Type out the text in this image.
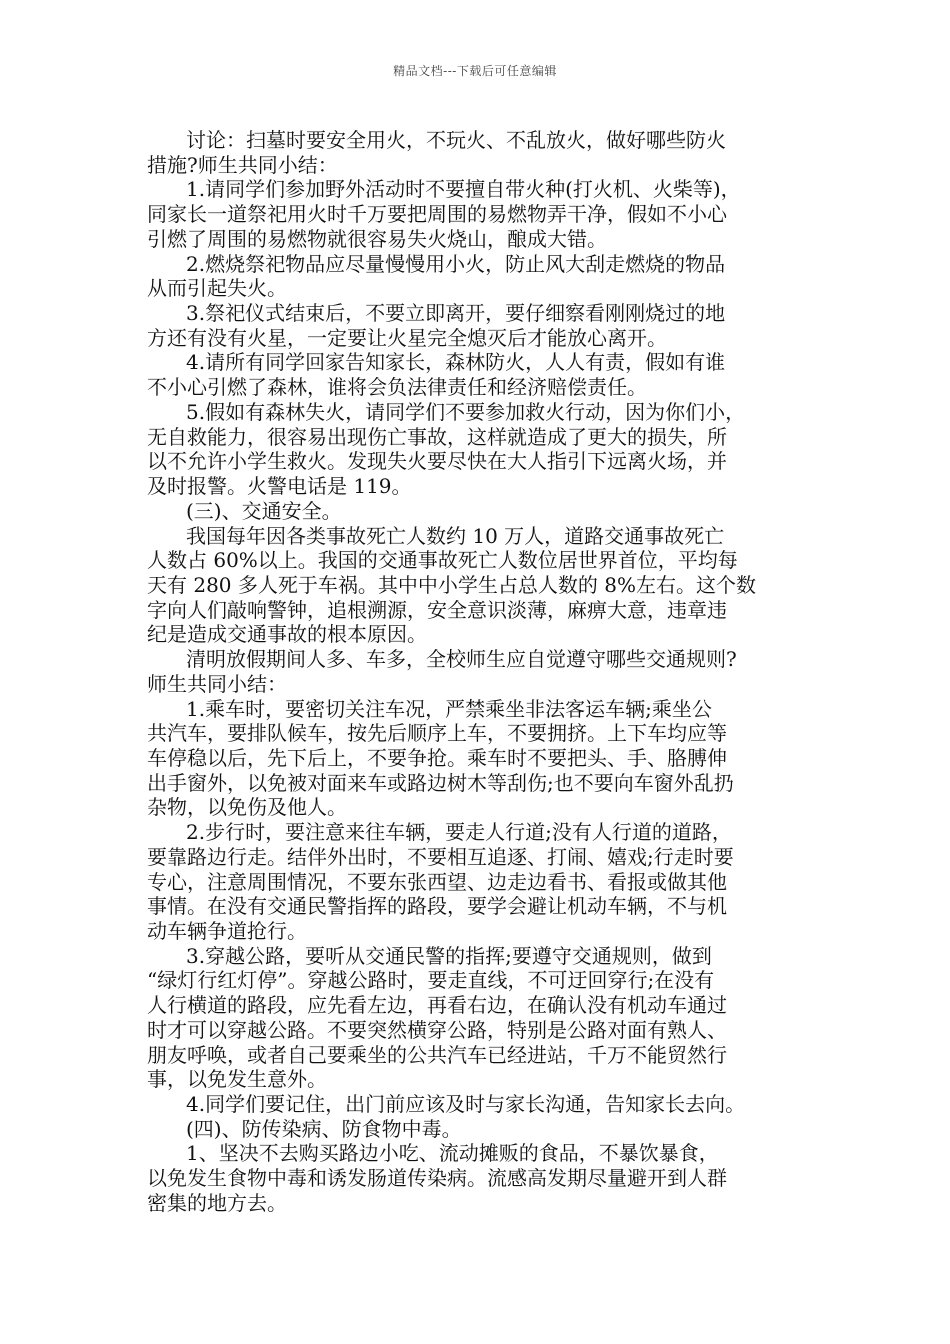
精品文档---下载后可任意编辑
讨论：扫墓时要安全用火，不玩火、不乱放火，做好哪些防火
措施?师生共同小结：
1.请同学们参加野外活动时不要擅自带火种(打火机、火柴等)，
同家长一道祭祀用火时千万要把周围的易燃物弄干净，假如不小心
引燃了周围的易燃物就很容易失火烧山，酿成大错。
2.燃烧祭祀物品应尽量慢慢用小火，防止风大刮走燃烧的物品
从而引起失火。
3.祭祀仪式结束后，不要立即离开，要仔细察看刚刚烧过的地
方还有没有火星，一定要让火星完全熄灭后才能放心离开。
4.请所有同学回家告知家长，森林防火，人人有责，假如有谁
不小心引燃了森林，谁将会负法律责任和经济赔偿责任。
5.假如有森林失火，请同学们不要参加救火行动，因为你们小，
无自救能力，很容易出现伤亡事故，这样就造成了更大的损失，所
以不允许小学生救火。发现失火要尽快在大人指引下远离火场，并
及时报警。火警电话是 119。
(三)、交通安全。
我国每年因各类事故死亡人数约 10 万人，道路交通事故死亡
人数占 60%以上。我国的交通事故死亡人数位居世界首位，平均每
天有 280 多人死于车祸。其中中小学生占总人数的 8%左右。这个数
字向人们敲响警钟，追根溯源，安全意识淡薄，麻痹大意，违章违
纪是造成交通事故的根本原因。
清明放假期间人多、车多，全校师生应自觉遵守哪些交通规则?
师生共同小结：
1.乘车时，要密切关注车况，严禁乘坐非法客运车辆;乘坐公
共汽车，要排队候车，按先后顺序上车，不要拥挤。上下车均应等
车停稳以后，先下后上，不要争抢。乘车时不要把头、手、胳膊伸
出手窗外，以免被对面来车或路边树木等刮伤;也不要向车窗外乱扔
杂物，以免伤及他人。
2.步行时，要注意来往车辆，要走人行道;没有人行道的道路，
要靠路边行走。结伴外出时，不要相互追逐、打闹、嬉戏;行走时要
专心，注意周围情况，不要东张西望、边走边看书、看报或做其他
事情。在没有交通民警指挥的路段，要学会避让机动车辆，不与机
动车辆争道抢行。
3.穿越公路，要听从交通民警的指挥;要遵守交通规则，做到
“绿灯行红灯停”。穿越公路时，要走直线，不可迂回穿行;在没有
人行横道的路段，应先看左边，再看右边，在确认没有机动车通过
时才可以穿越公路。不要突然横穿公路，特别是公路对面有熟人、
朋友呼唤，或者自己要乘坐的公共汽车已经进站，千万不能贸然行
事，以免发生意外。
4.同学们要记住，出门前应该及时与家长沟通，告知家长去向。
(四)、防传染病、防食物中毒。
1、坚决不去购买路边小吃、流动摊贩的食品，不暴饮暴食，
以免发生食物中毒和诱发肠道传染病。流感高发期尽量避开到人群
密集的地方去。
